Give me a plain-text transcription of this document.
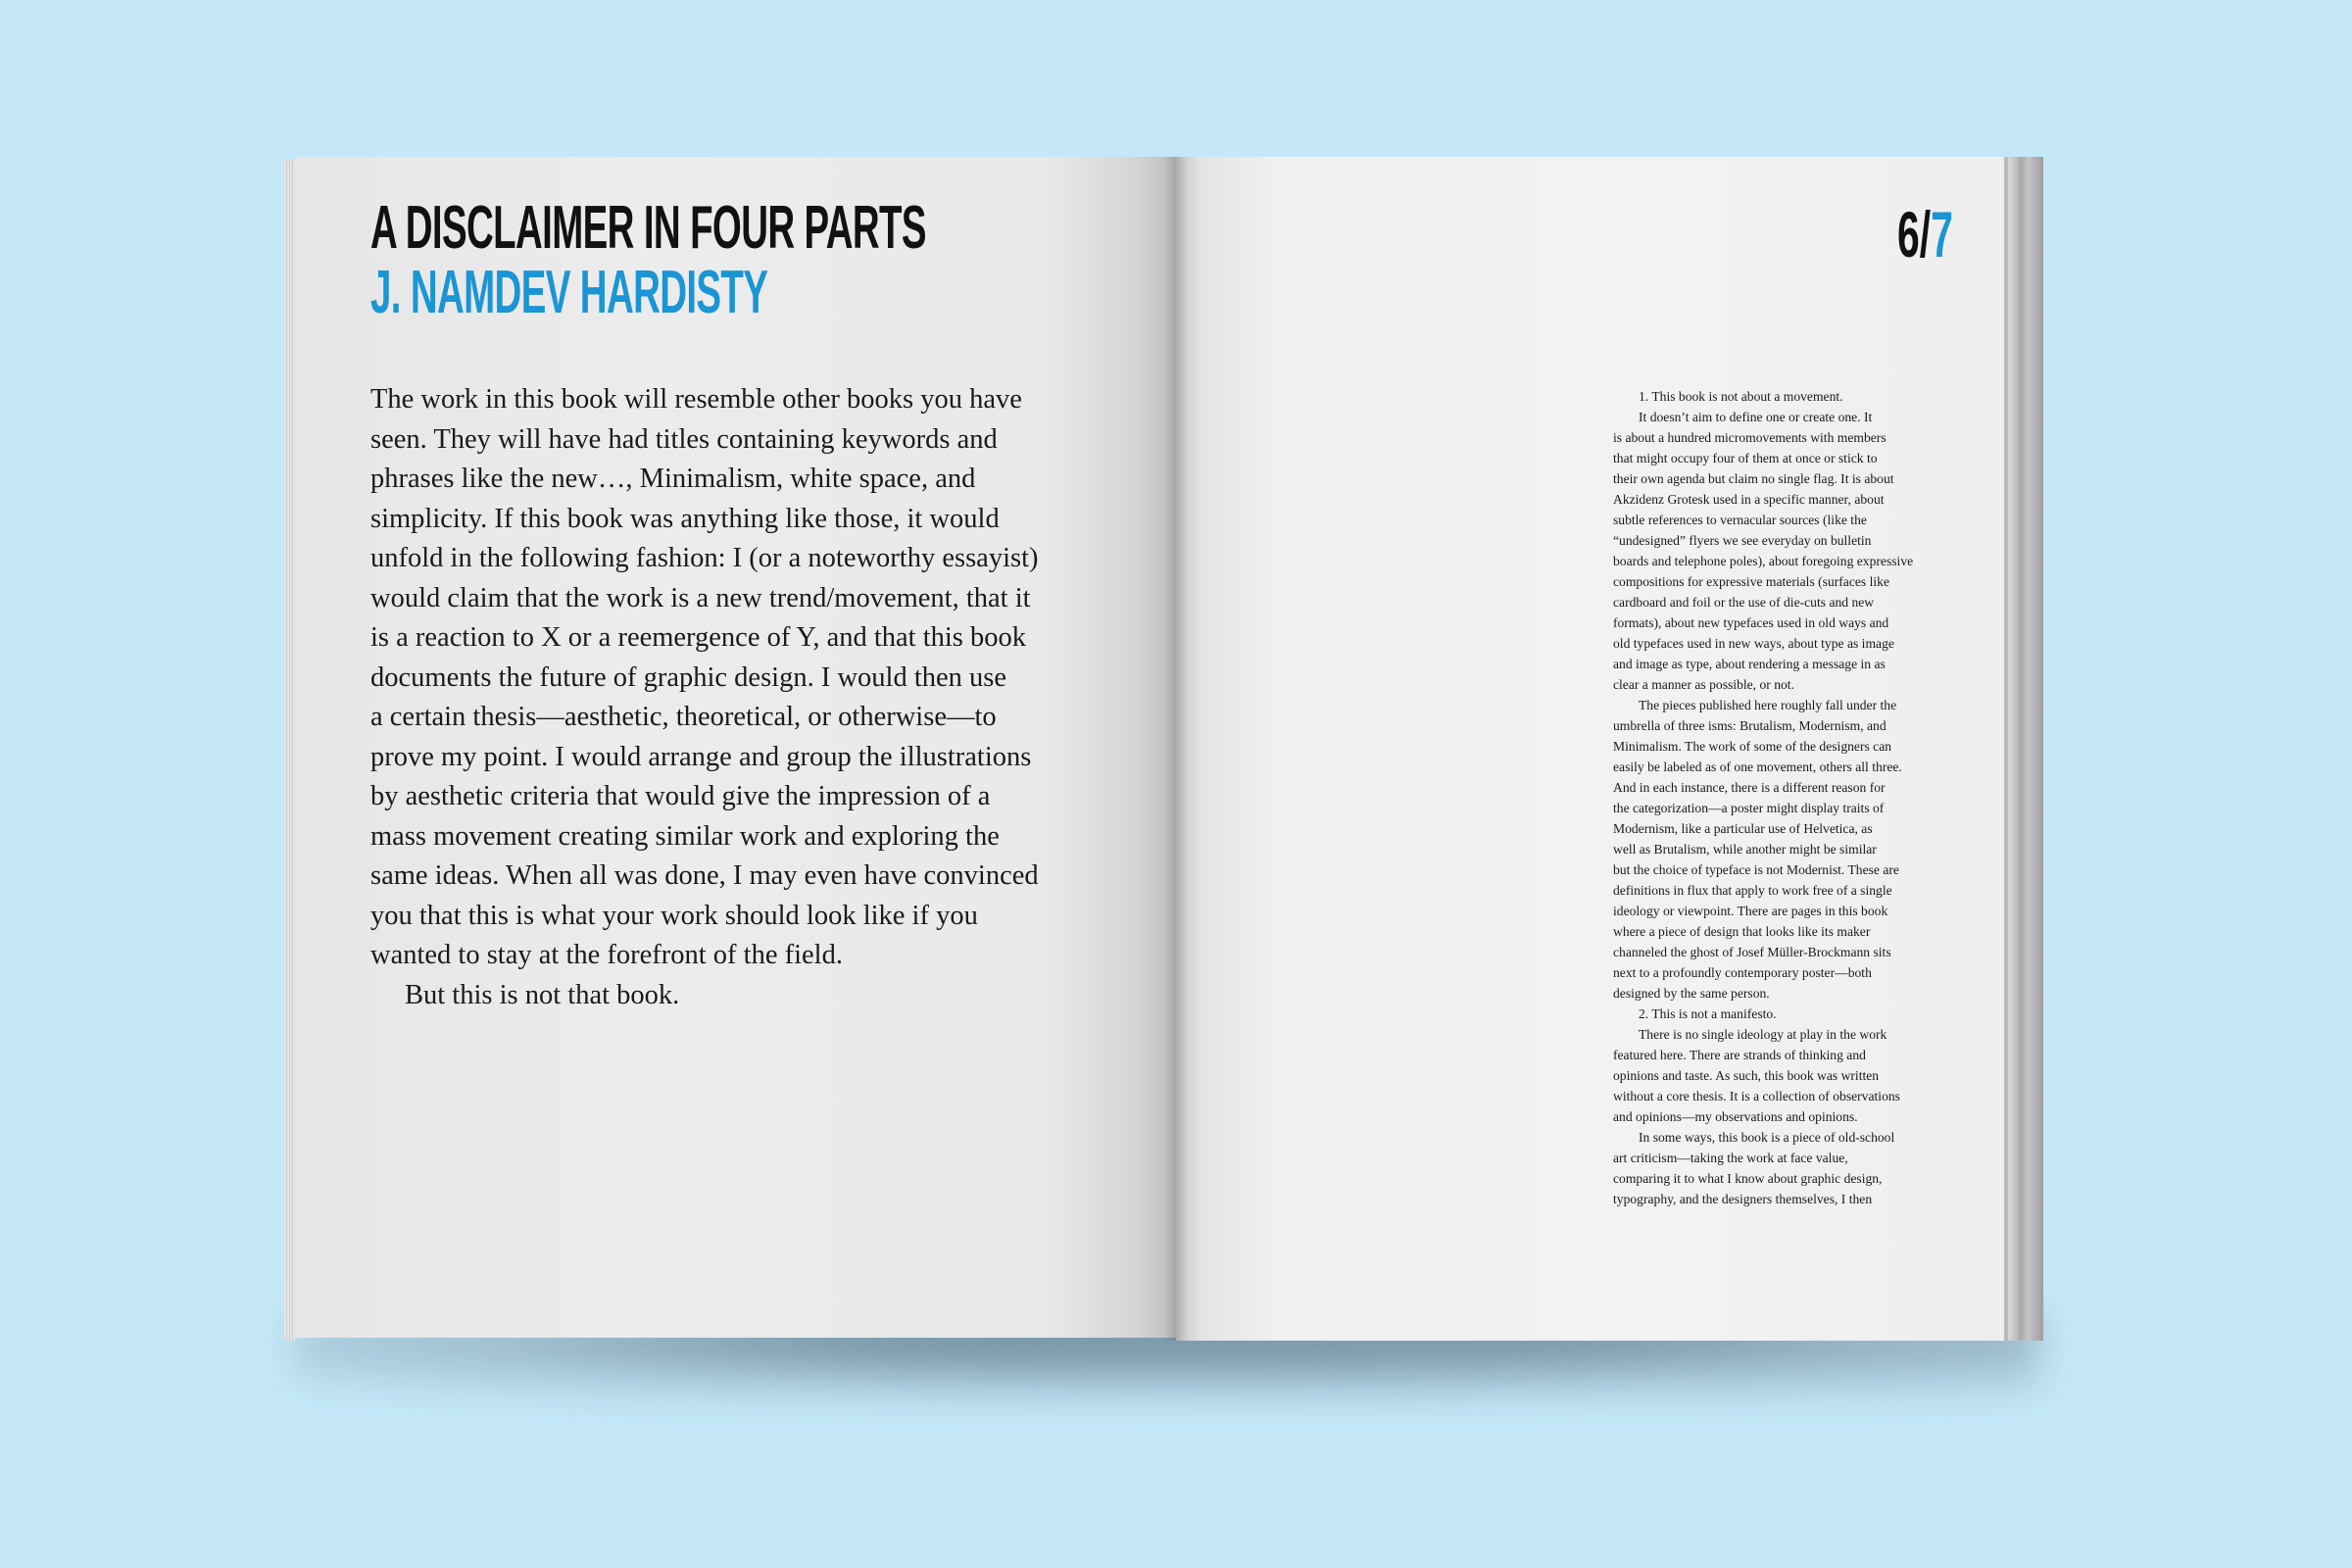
A DISCLAIMER IN FOUR PARTS
J. NAMDEV HARDISTY

The work in this book will resemble other books you have
seen. They will have had titles containing keywords and
phrases like the new…, Minimalism, white space, and
simplicity. If this book was anything like those, it would
unfold in the following fashion: I (or a noteworthy essayist)
would claim that the work is a new trend/movement, that it
is a reaction to X or a reemergence of Y, and that this book
documents the future of graphic design. I would then use
a certain thesis—aesthetic, theoretical, or otherwise—to
prove my point. I would arrange and group the illustrations
by aesthetic criteria that would give the impression of a
mass movement creating similar work and exploring the
same ideas. When all was done, I may even have convinced
you that this is what your work should look like if you
wanted to stay at the forefront of the field.

But this is not that book.

6/7
1. This book is not about a movement.
It doesn’t aim to define one or create one. It
is about a hundred micromovements with members
that might occupy four of them at once or stick to
their own agenda but claim no single flag. It is about
Akzidenz Grotesk used in a specific manner, about
subtle references to vernacular sources (like the
“undesigned” flyers we see everyday on bulletin
boards and telephone poles), about foregoing expressive
compositions for expressive materials (surfaces like
cardboard and foil or the use of die-cuts and new
formats), about new typefaces used in old ways and
old typefaces used in new ways, about type as image
and image as type, about rendering a message in as
clear a manner as possible, or not.
The pieces published here roughly fall under the
umbrella of three isms: Brutalism, Modernism, and
Minimalism. The work of some of the designers can
easily be labeled as of one movement, others all three.
And in each instance, there is a different reason for
the categorization—a poster might display traits of
Modernism, like a particular use of Helvetica, as
well as Brutalism, while another might be similar
but the choice of typeface is not Modernist. These are
definitions in flux that apply to work free of a single
ideology or viewpoint. There are pages in this book
where a piece of design that looks like its maker
channeled the ghost of Josef Müller-Brockmann sits
next to a profoundly contemporary poster—both
designed by the same person.
2. This is not a manifesto.
There is no single ideology at play in the work
featured here. There are strands of thinking and
opinions and taste. As such, this book was written
without a core thesis. It is a collection of observations
and opinions—my observations and opinions.
In some ways, this book is a piece of old-school
art criticism—taking the work at face value,
comparing it to what I know about graphic design,
typography, and the designers themselves, I then
